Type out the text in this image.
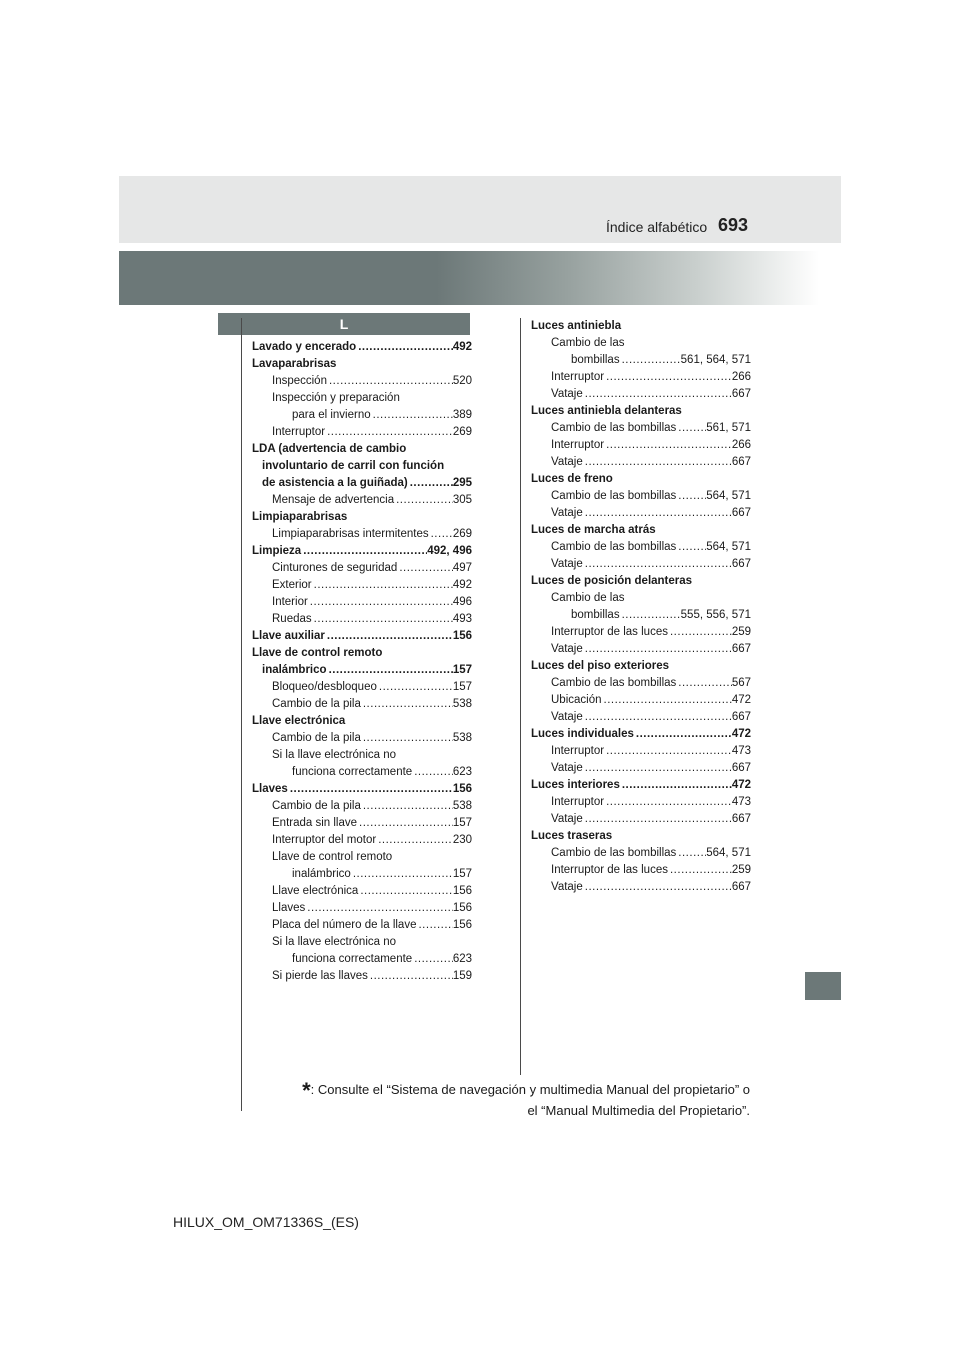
Índice alfabético 693
L
Lavado y encerado .....	492
Lavaparabrisas
Inspección .....	520
Inspección y preparación
para el invierno .....	389
Interruptor .....	269
LDA (advertencia de cambio
involuntario de carril con función
de asistencia a la guiñada) .....	295
Mensaje de advertencia .....	305
Limpiaparabrisas
Limpiaparabrisas intermitentes ..... 269
Limpieza .....	492, 496
Cinturones de seguridad .....	497
Exterior .....	492
Interior .....	496
Ruedas .....	493
Llave auxiliar .....	156
Llave de control remoto
inalámbrico .....	157
Bloqueo/desbloqueo .....	157
Cambio de la pila .....	538
Llave electrónica
Cambio de la pila .....	538
Si la llave electrónica no
funciona correctamente .....	623
Llaves .....	156
Cambio de la pila .....	538
Entrada sin llave .....	157
Interruptor del motor .....	230
Llave de control remoto
inalámbrico .....	157
Llave electrónica .....	156
Llaves .....	156
Placa del número de la llave .....	156
Si la llave electrónica no
funciona correctamente .....	623
Si pierde las llaves .....	159
Luces antiniebla
Cambio de las
bombillas .....	561, 564, 571
Interruptor .....	266
Vataje .....	667
Luces antiniebla delanteras
Cambio de las bombillas .....	561, 571
Interruptor .....	266
Vataje .....	667
Luces de freno
Cambio de las bombillas .....	564, 571
Vataje .....	667
Luces de marcha atrás
Cambio de las bombillas .....	564, 571
Vataje .....	667
Luces de posición delanteras
Cambio de las
bombillas .....	555, 556, 571
Interruptor de las luces .....	259
Vataje .....	667
Luces del piso exteriores
Cambio de las bombillas .....	567
Ubicación .....	472
Vataje .....	667
Luces individuales .....	472
Interruptor .....	473
Vataje .....	667
Luces interiores .....	472
Interruptor .....	473
Vataje .....	667
Luces traseras
Cambio de las bombillas .....	564, 571
Interruptor de las luces .....	259
Vataje .....	667
*: Consulte el “Sistema de navegación y multimedia Manual del propietario” o
el “Manual Multimedia del Propietario”.
HILUX_OM_OM71336S_(ES)
